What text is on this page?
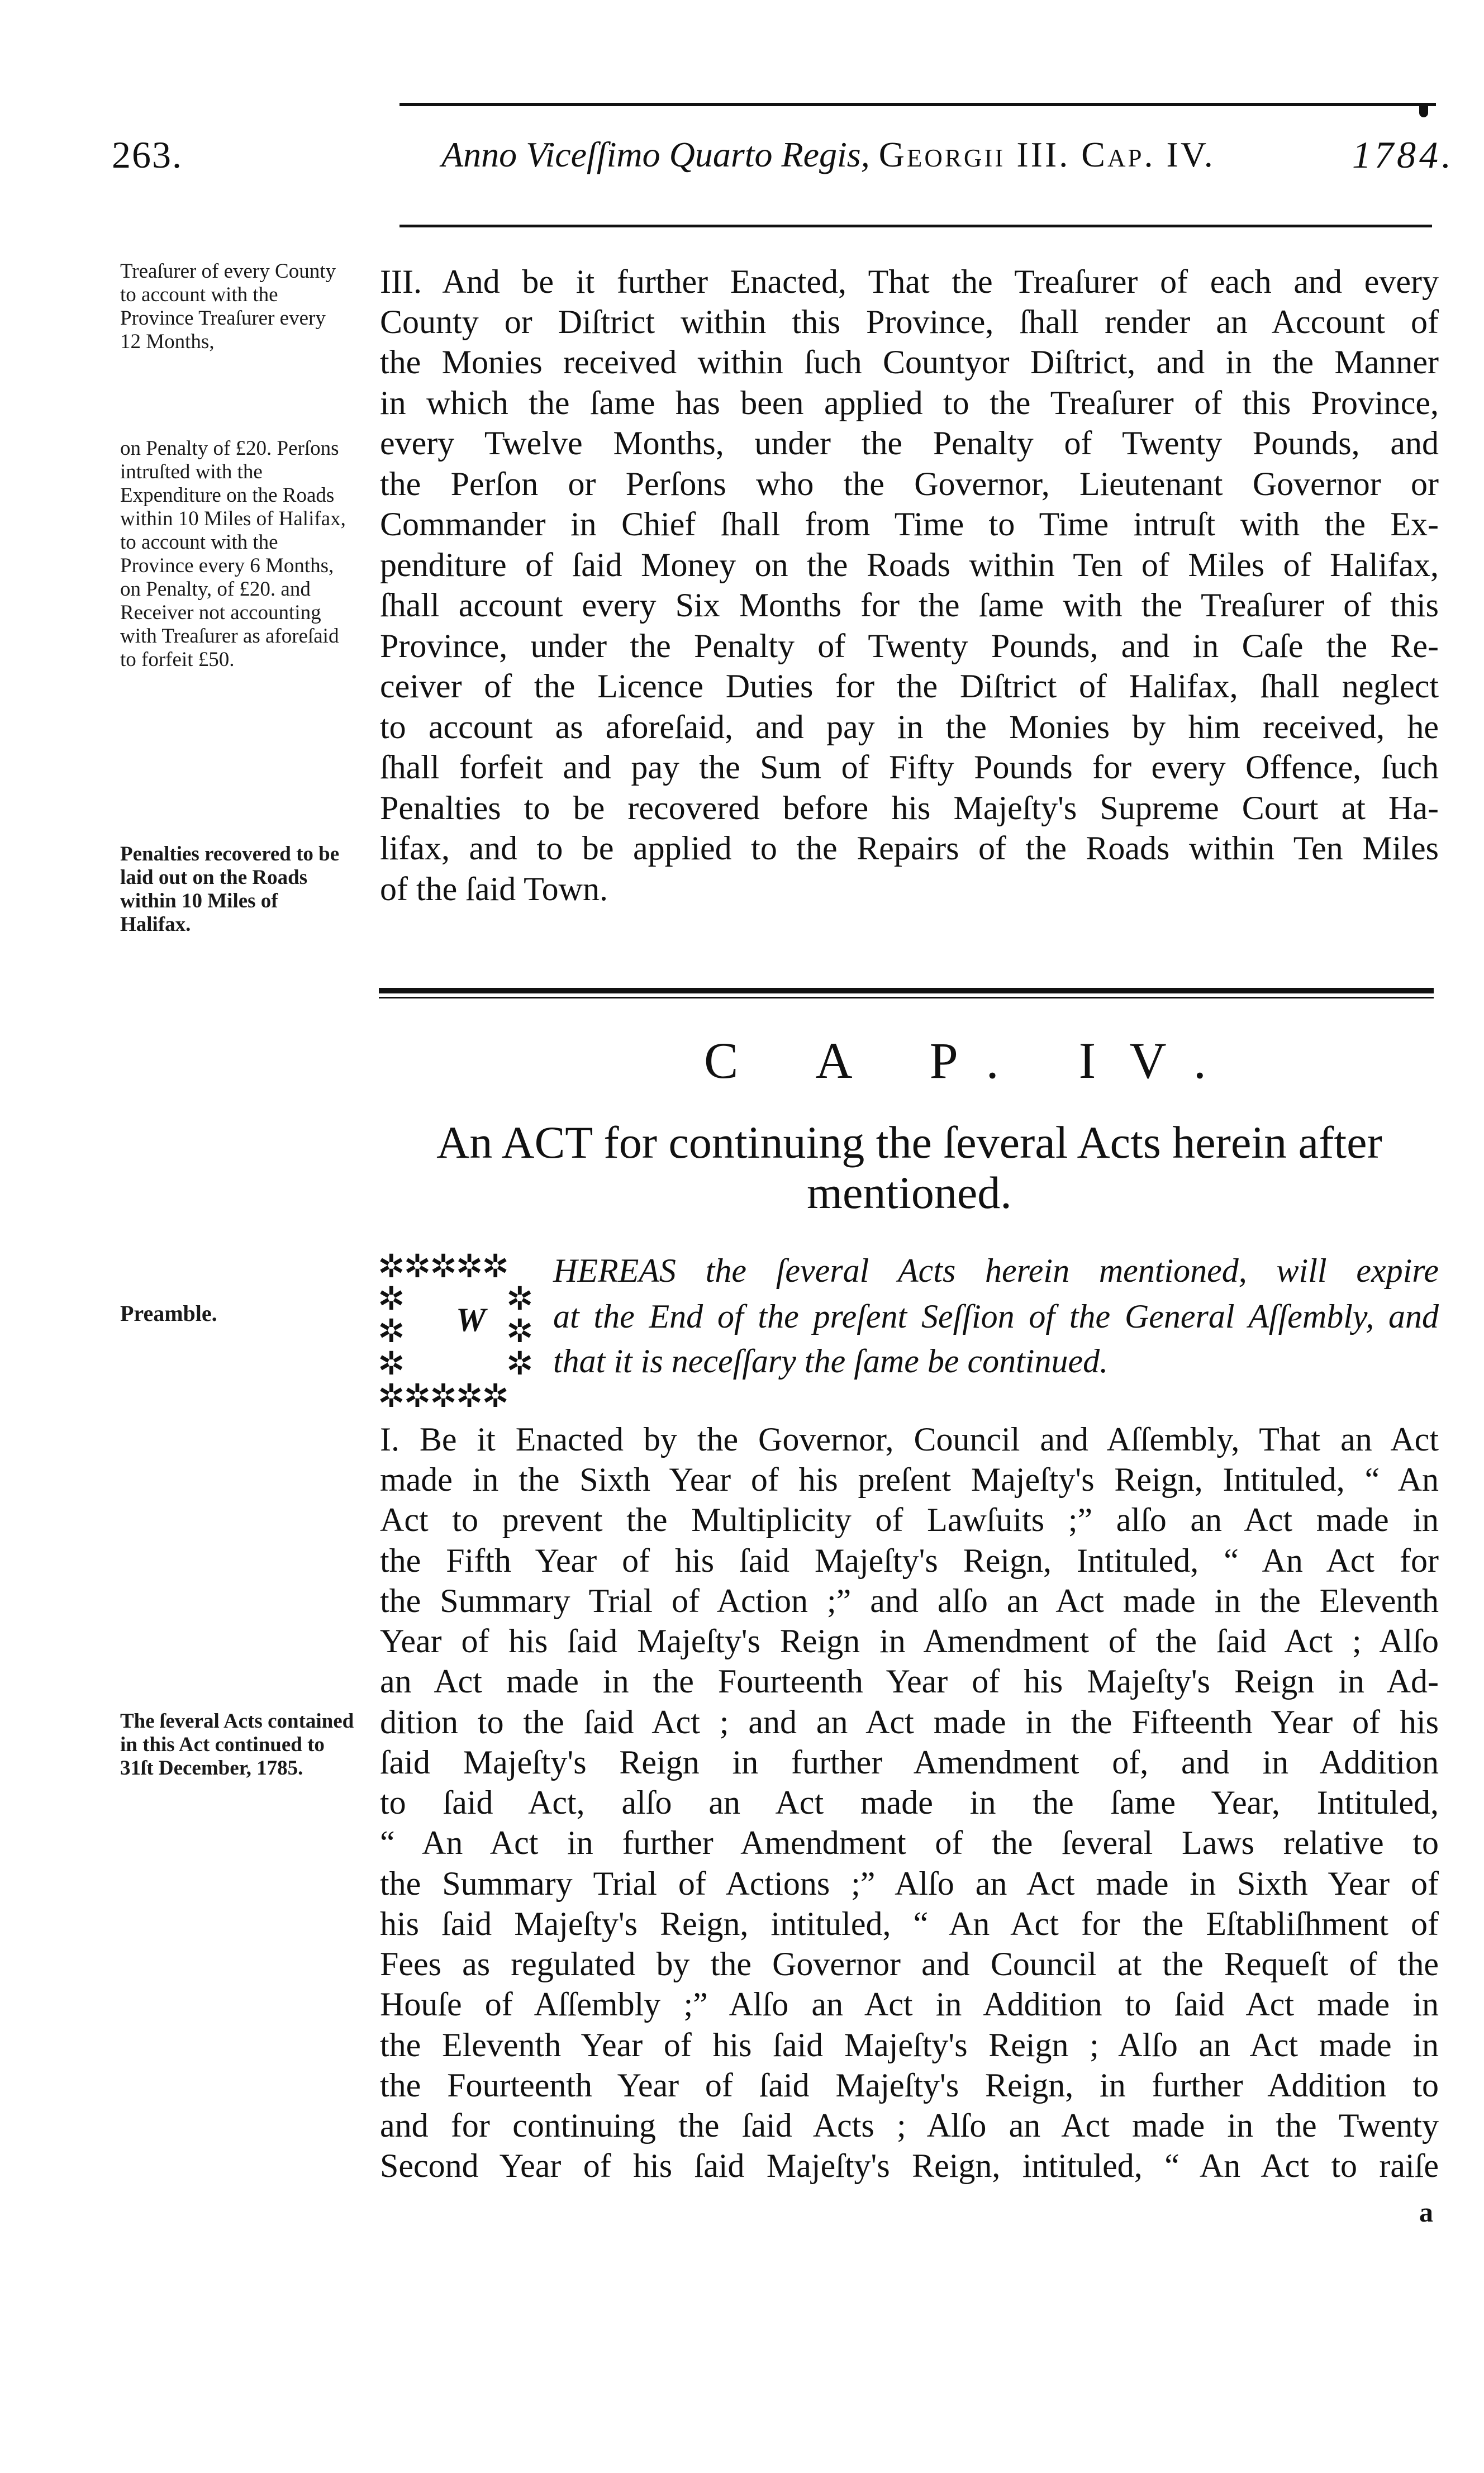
263.	Anno Viceſſimo Quarto Regis, Georgii III. Cap. IV.	1784.
Treaſurer of every County to account with the Province Treaſurer every 12 Months,
on Penalty of £20. Perſons intruſted with the Expenditure on the Roads within 10 Miles of Halifax, to account with the Province every 6 Months, on Penalty, of £20. and Receiver not accounting with Treaſurer as aforeſaid to forfeit £50.
Penalties recovered to be laid out on the Roads within 10 Miles of Halifax.
Preamble.
The ſeveral Acts contained in this Act continued to 31ſt December, 1785.
III. And be it further Enacted, That the Treaſurer of each and every
County or Diſtrict within this Province, ſhall render an Account of
the Monies received within ſuch Countyor Diſtrict, and in the Manner
in which the ſame has been applied to the Treaſurer of this Province,
every Twelve Months, under the Penalty of Twenty Pounds, and
the Perſon or Perſons who the Governor, Lieutenant Governor or
Commander in Chief ſhall from Time to Time intruſt with the Ex-
penditure of ſaid Money on the Roads within Ten of Miles of Halifax,
ſhall account every Six Months for the ſame with the Treaſurer of this
Province, under the Penalty of Twenty Pounds, and in Caſe the Re-
ceiver of the Licence Duties for the Diſtrict of Halifax, ſhall neglect
to account as aforeſaid, and pay in the Monies by him received, he
ſhall forfeit and pay the Sum of Fifty Pounds for every Offence, ſuch
Penalties to be recovered before his Majeſty's Supreme Court at Ha-
lifax, and to be applied to the Repairs of the Roads within Ten Miles
of the ſaid Town.
C A P. IV.
An ACT for continuing the ſeveral Acts herein after
mentioned.
✲✲✲✲✲
✲
✲
✲
✲
✲
✲
✲✲✲✲✲
W
HEREAS the ſeveral Acts herein mentioned, will expire
at the End of the preſent Seſſion of the General Aſſembly, and
that it is neceſſary the ſame be continued.
I. Be it Enacted by the Governor, Council and Aſſembly, That an Act
made in the Sixth Year of his preſent Majeſty's Reign, Intituled, “ An
Act to prevent the Multiplicity of Lawſuits ;” alſo an Act made in
the Fifth Year of his ſaid Majeſty's Reign, Intituled, “ An Act for
the Summary Trial of Action ;” and alſo an Act made in the Eleventh
Year of his ſaid Majeſty's Reign in Amendment of the ſaid Act ; Alſo
an Act made in the Fourteenth Year of his Majeſty's Reign in Ad-
dition to the ſaid Act ; and an Act made in the Fifteenth Year of his
ſaid Majeſty's Reign in further Amendment of, and in Addition
to ſaid Act, alſo an Act made in the ſame Year, Intituled,
“ An Act in further Amendment of the ſeveral Laws relative to
the Summary Trial of Actions ;” Alſo an Act made in Sixth Year of
his ſaid Majeſty's Reign, intituled, “ An Act for the Eſtabliſhment of
Fees as regulated by the Governor and Council at the Requeſt of the
Houſe of Aſſembly ;” Alſo an Act in Addition to ſaid Act made in
the Eleventh Year of his ſaid Majeſty's Reign ; Alſo an Act made in
the Fourteenth Year of ſaid Majeſty's Reign, in further Addition to
and for continuing the ſaid Acts ; Alſo an Act made in the Twenty
Second Year of his ſaid Majeſty's Reign, intituled, “ An Act to raiſe
a
